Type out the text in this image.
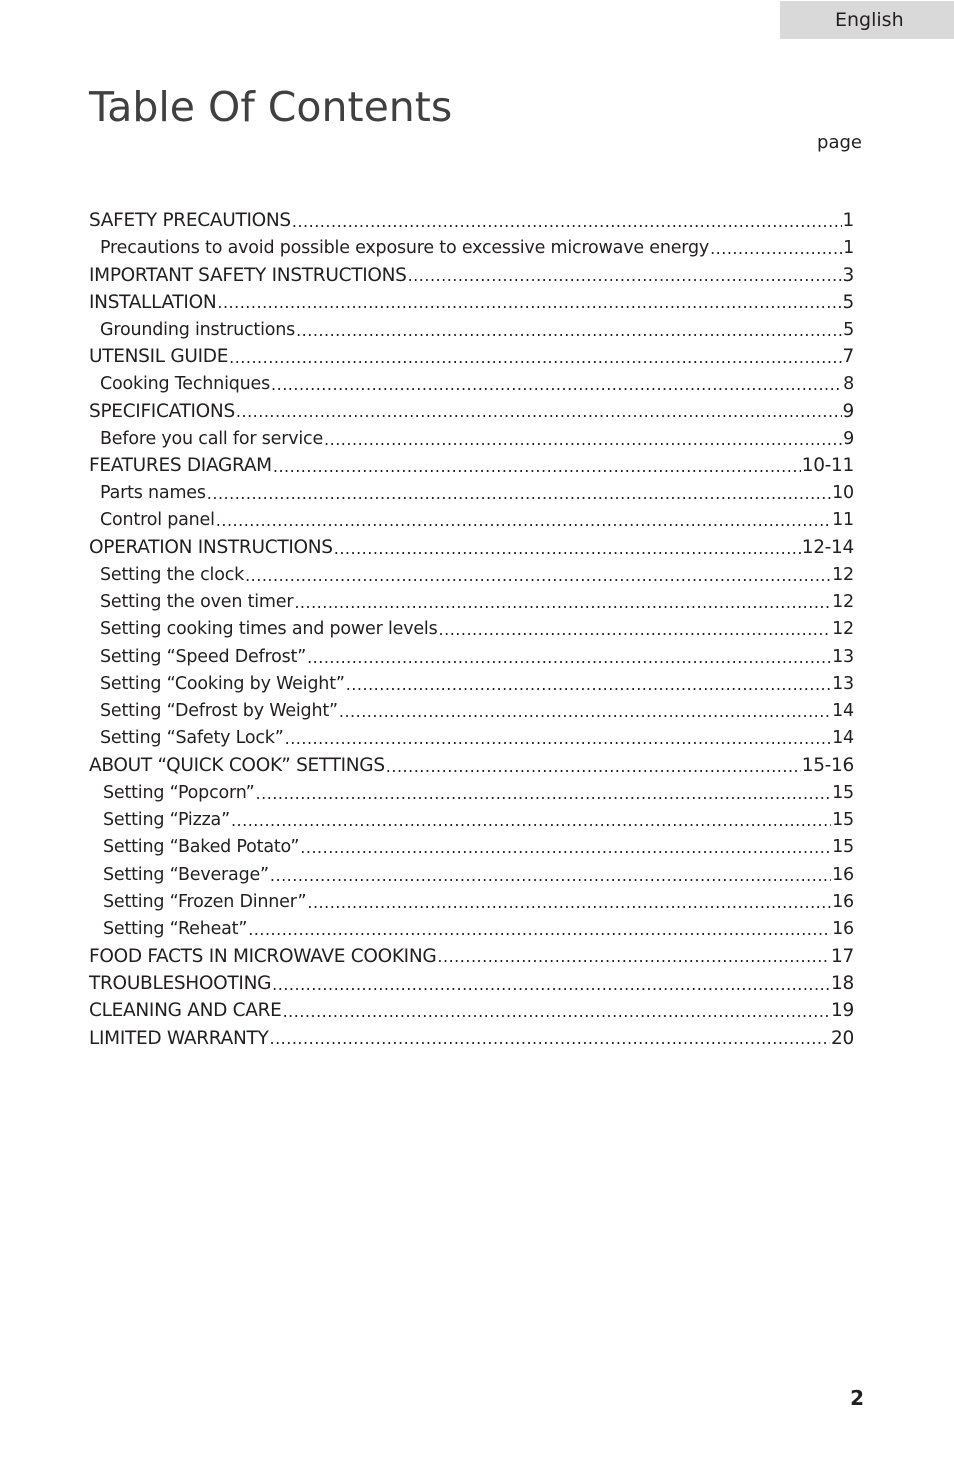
English
Table Of Contents
page
SAFETY PRECAUTIONS .....	1
Precautions to avoid possible exposure to excessive microwave energy .....	1
IMPORTANT SAFETY INSTRUCTIONS .....	3
INSTALLATION .....	5
Grounding instructions .....	5
UTENSIL GUIDE .....	7
Cooking Techniques .....	8
SPECIFICATIONS .....	9
Before you call for service .....	9
FEATURES DIAGRAM .....	10-11
Parts names .....	10
Control panel .....	11
OPERATION INSTRUCTIONS .....	12-14
Setting the clock .....	12
Setting the oven timer .....	12
Setting cooking times and power levels .....	12
Setting “Speed Defrost” .....	13
Setting “Cooking by Weight” .....	13
Setting “Defrost by Weight” .....	14
Setting “Safety Lock” .....	14
ABOUT “QUICK COOK” SETTINGS .....	15-16
Setting “Popcorn” .....	15
Setting “Pizza” .....	15
Setting “Baked Potato” .....	15
Setting “Beverage” .....	16
Setting “Frozen Dinner” .....	16
Setting “Reheat” .....	16
FOOD FACTS IN MICROWAVE COOKING .....	17
TROUBLESHOOTING .....	18
CLEANING AND CARE .....	19
LIMITED WARRANTY .....	20
2
